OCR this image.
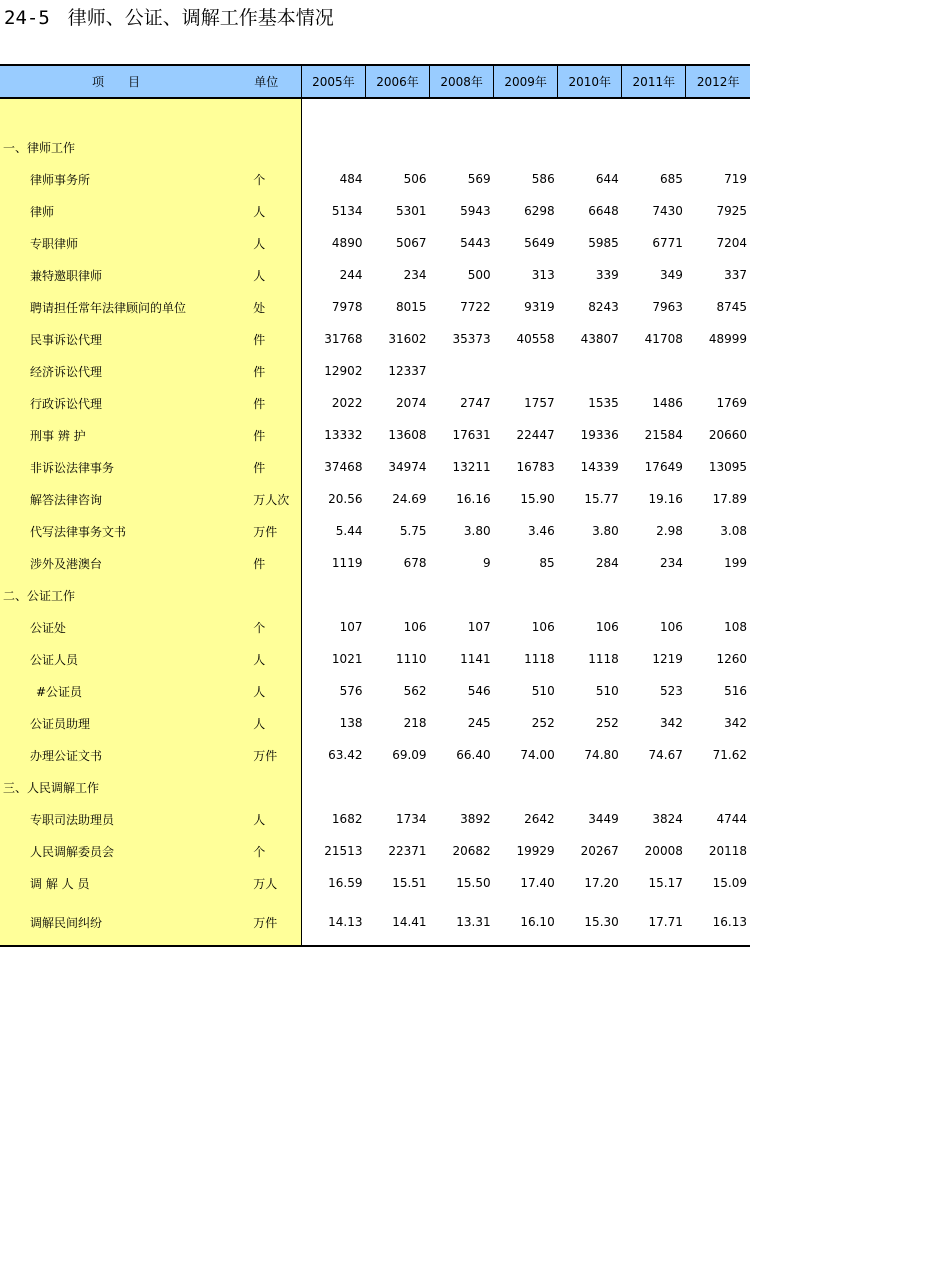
24-5 律师、公证、调解工作基本情况
项　　目	单位	2005年	2006年	2008年	2009年	2010年	2011年	2012年

一、律师工作								
律师事务所	个	484	506	569	586	644	685	719
律师	人	5134	5301	5943	6298	6648	7430	7925
专职律师	人	4890	5067	5443	5649	5985	6771	7204
兼特邀职律师	人	244	234	500	313	339	349	337
聘请担任常年法律顾问的单位	处	7978	8015	7722	9319	8243	7963	8745
民事诉讼代理	件	31768	31602	35373	40558	43807	41708	48999
经济诉讼代理	件	12902	12337					
行政诉讼代理	件	2022	2074	2747	1757	1535	1486	1769
刑事 辨 护	件	13332	13608	17631	22447	19336	21584	20660
非诉讼法律事务	件	37468	34974	13211	16783	14339	17649	13095
解答法律咨询	万人次	20.56	24.69	16.16	15.90	15.77	19.16	17.89
代写法律事务文书	万件	5.44	5.75	3.80	3.46	3.80	2.98	3.08
涉外及港澳台	件	1119	678	9	85	284	234	199
二、公证工作								
公证处	个	107	106	107	106	106	106	108
公证人员	人	1021	1110	1141	1118	1118	1219	1260
#公证员	人	576	562	546	510	510	523	516
公证员助理	人	138	218	245	252	252	342	342
办理公证文书	万件	63.42	69.09	66.40	74.00	74.80	74.67	71.62
三、人民调解工作								
专职司法助理员	人	1682	1734	3892	2642	3449	3824	4744
人民调解委员会	个	21513	22371	20682	19929	20267	20008	20118
调 解 人 员	万人	16.59	15.51	15.50	17.40	17.20	15.17	15.09
调解民间纠纷	万件	14.13	14.41	13.31	16.10	15.30	17.71	16.13
